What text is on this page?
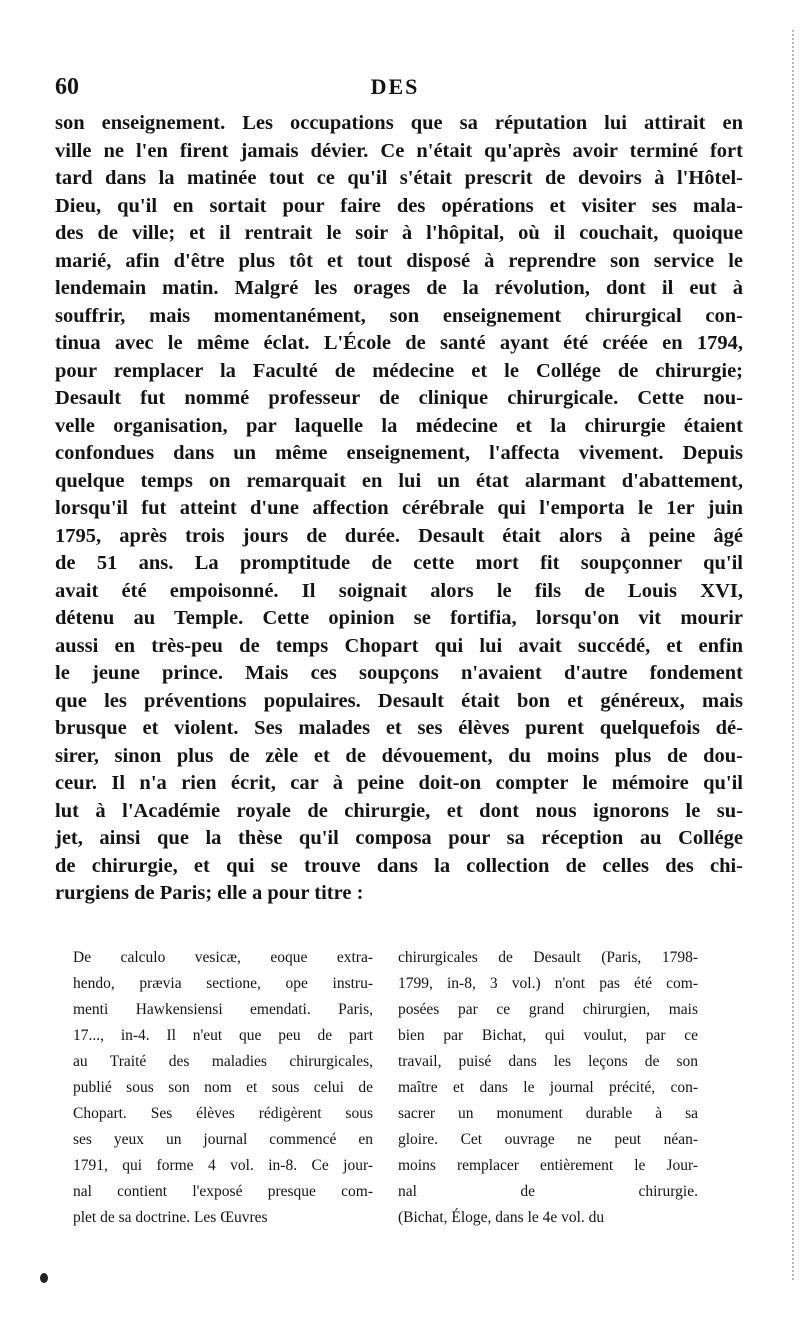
60	DES
son enseignement. Les occupations que sa réputation lui attirait en
ville ne l'en firent jamais dévier. Ce n'était qu'après avoir terminé fort
tard dans la matinée tout ce qu'il s'était prescrit de devoirs à l'Hôtel-
Dieu, qu'il en sortait pour faire des opérations et visiter ses mala-
des de ville; et il rentrait le soir à l'hôpital, où il couchait, quoique
marié, afin d'être plus tôt et tout disposé à reprendre son service le
lendemain matin. Malgré les orages de la révolution, dont il eut à
souffrir, mais momentanément, son enseignement chirurgical con-
tinua avec le même éclat. L'École de santé ayant été créée en 1794,
pour remplacer la Faculté de médecine et le Collége de chirurgie;
Desault fut nommé professeur de clinique chirurgicale. Cette nou-
velle organisation, par laquelle la médecine et la chirurgie étaient
confondues dans un même enseignement, l'affecta vivement. Depuis
quelque temps on remarquait en lui un état alarmant d'abattement,
lorsqu'il fut atteint d'une affection cérébrale qui l'emporta le 1er juin
1795, après trois jours de durée. Desault était alors à peine âgé
de 51 ans. La promptitude de cette mort fit soupçonner qu'il
avait été empoisonné. Il soignait alors le fils de Louis XVI,
détenu au Temple. Cette opinion se fortifia, lorsqu'on vit mourir
aussi en très-peu de temps Chopart qui lui avait succédé, et enfin
le jeune prince. Mais ces soupçons n'avaient d'autre fondement
que les préventions populaires. Desault était bon et généreux, mais
brusque et violent. Ses malades et ses élèves purent quelquefois dé-
sirer, sinon plus de zèle et de dévouement, du moins plus de dou-
ceur. Il n'a rien écrit, car à peine doit-on compter le mémoire qu'il
lut à l'Académie royale de chirurgie, et dont nous ignorons le su-
jet, ainsi que la thèse qu'il composa pour sa réception au Collége
de chirurgie, et qui se trouve dans la collection de celles des chi-
rurgiens de Paris; elle a pour titre :
De calculo vesicæ, eoque extra-
hendo, prævia sectione, ope instru-
menti Hawkensiensi emendati. Paris,
17..., in-4. Il n'eut que peu de part
au Traité des maladies chirurgicales,
publié sous son nom et sous celui de
Chopart. Ses élèves rédigèrent sous
ses yeux un journal commencé en
1791, qui forme 4 vol. in-8. Ce jour-
nal contient l'exposé presque com-
plet de sa doctrine. Les Œuvres
chirurgicales de Desault (Paris, 1798-
1799, in-8, 3 vol.) n'ont pas été com-
posées par ce grand chirurgien, mais
bien par Bichat, qui voulut, par ce
travail, puisé dans les leçons de son
maître et dans le journal précité, con-
sacrer un monument durable à sa
gloire. Cet ouvrage ne peut néan-
moins remplacer entièrement le Jour-
nal de chirurgie.
(Bichat, Éloge, dans le 4e vol. du
